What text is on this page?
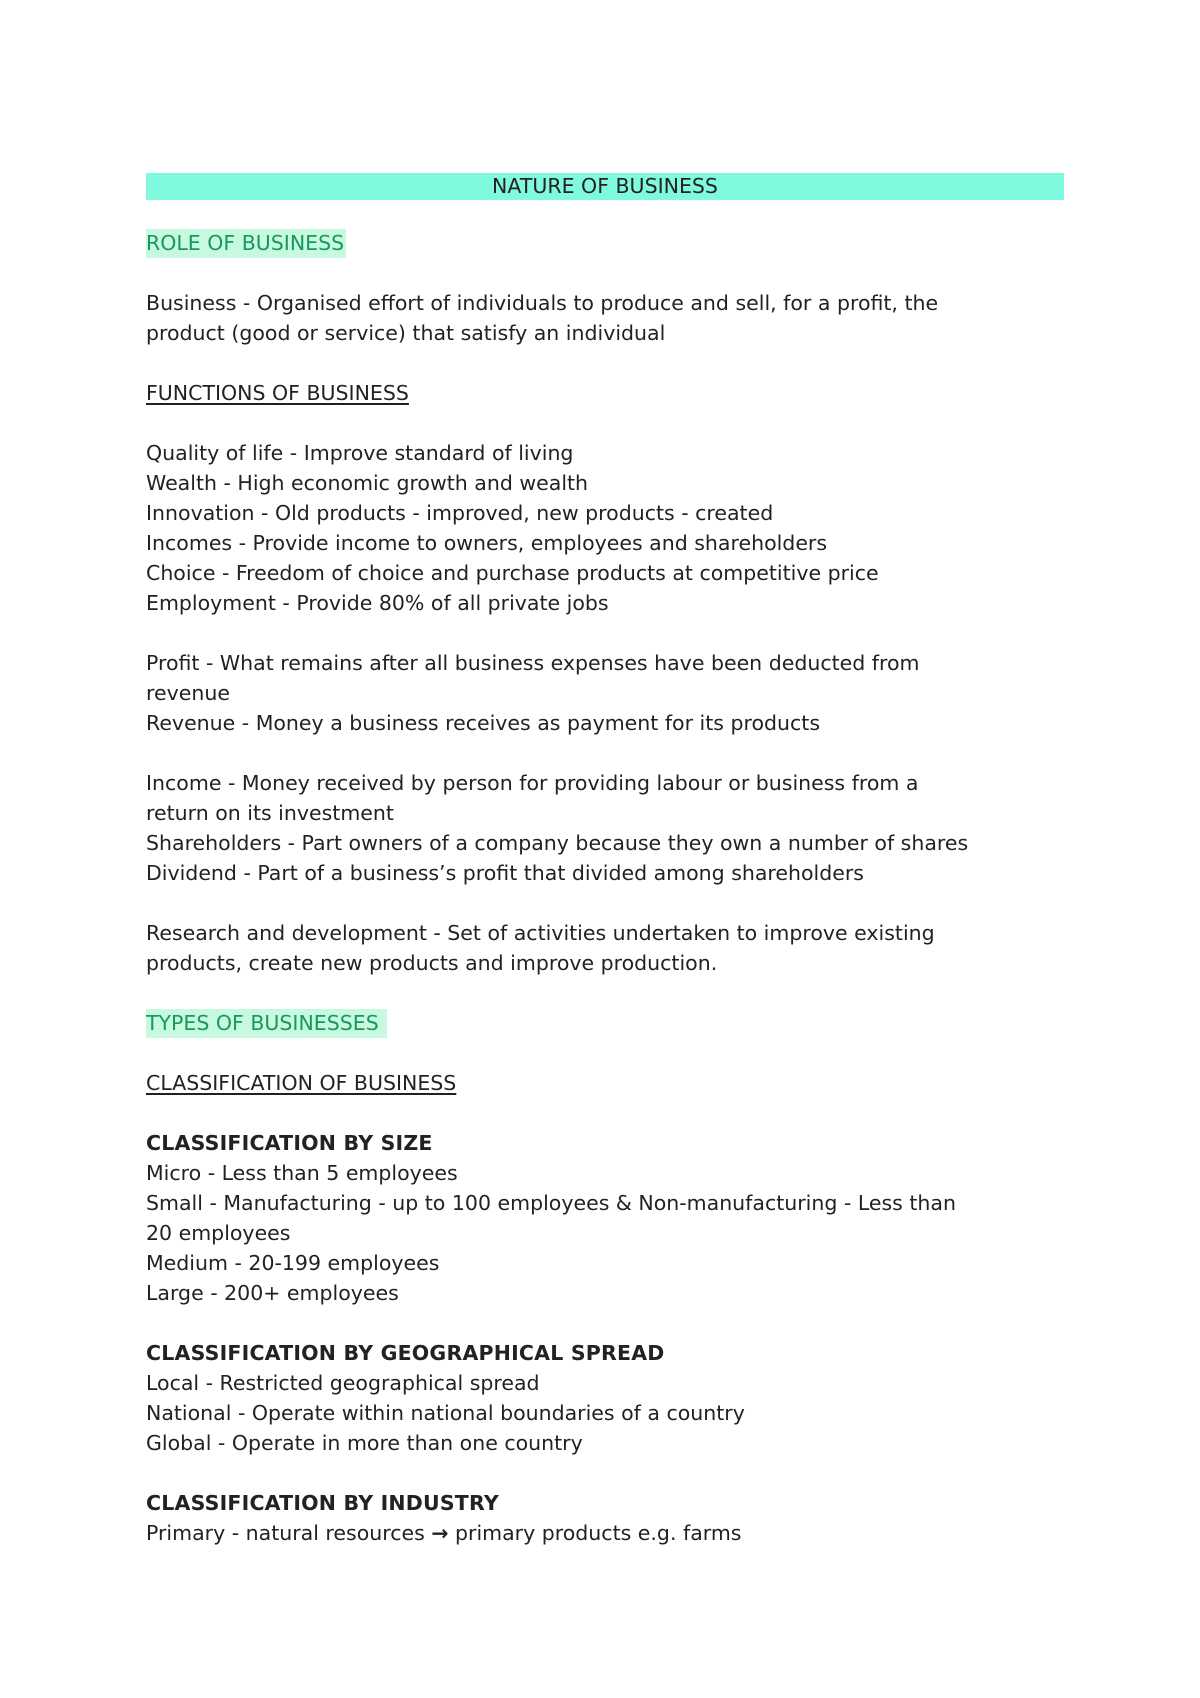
NATURE OF BUSINESS
ROLE OF BUSINESS

Business - Organised effort of individuals to produce and sell, for a profit, the

product (good or service) that satisfy an individual

FUNCTIONS OF BUSINESS

Quality of life - Improve standard of living

Wealth - High economic growth and wealth

Innovation - Old products - improved, new products - created

Incomes - Provide income to owners, employees and shareholders

Choice - Freedom of choice and purchase products at competitive price

Employment - Provide 80% of all private jobs

Profit - What remains after all business expenses have been deducted from

revenue

Revenue - Money a business receives as payment for its products

Income - Money received by person for providing labour or business from a

return on its investment

Shareholders - Part owners of a company because they own a number of shares

Dividend - Part of a business’s profit that divided among shareholders

Research and development - Set of activities undertaken to improve existing

products, create new products and improve production.

TYPES OF BUSINESSES

CLASSIFICATION OF BUSINESS

CLASSIFICATION BY SIZE

Micro - Less than 5 employees

Small - Manufacturing - up to 100 employees & Non-manufacturing - Less than

20 employees

Medium - 20-199 employees

Large - 200+ employees

CLASSIFICATION BY GEOGRAPHICAL SPREAD

Local - Restricted geographical spread

National - Operate within national boundaries of a country

Global - Operate in more than one country

CLASSIFICATION BY INDUSTRY

Primary - natural resources → primary products e.g. farms
